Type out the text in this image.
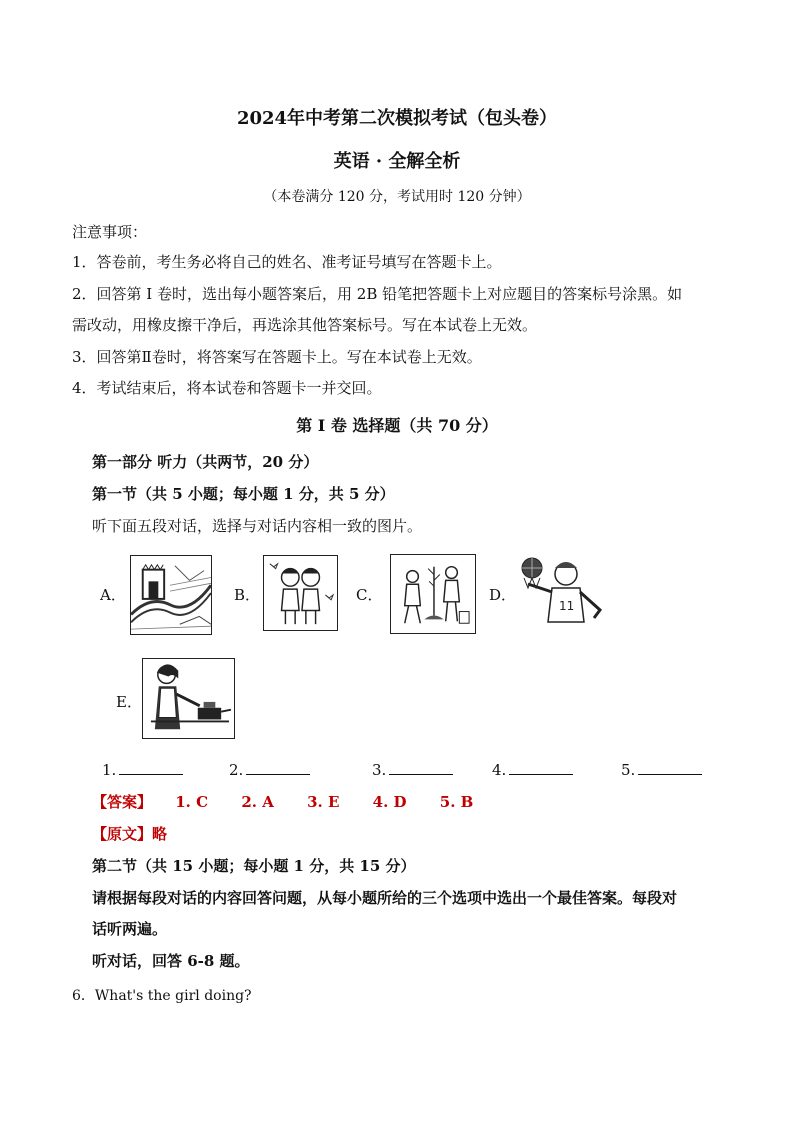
2024年中考第二次模拟考试（包头卷）
英语 · 全解全析
（本卷满分 120 分，考试用时 120 分钟）
注意事项：
1．答卷前，考生务必将自己的姓名、准考证号填写在答题卡上。
2．回答第 I 卷时，选出每小题答案后，用 2B 铅笔把答题卡上对应题目的答案标号涂黑。如
需改动，用橡皮擦干净后，再选涂其他答案标号。写在本试卷上无效。
3．回答第Ⅱ卷时，将答案写在答题卡上。写在本试卷上无效。
4．考试结束后，将本试卷和答题卡一并交回。
第 I 卷 选择题（共 70 分）
第一部分 听力（共两节，20 分）
第一节（共 5 小题；每小题 1 分，共 5 分）
听下面五段对话，选择与对话内容相一致的图片。
A．	B．	C．	D．
11
E．
1.	2.	3.	4.	5.
【答案】 1. C 2. A 3. E 4. D 5. B
【原文】略
第二节（共 15 小题；每小题 1 分，共 15 分）
请根据每段对话的内容回答问题，从每小题所给的三个选项中选出一个最佳答案。每段对
话听两遍。
听对话，回答 6-8 题。
6．What's the girl doing?
